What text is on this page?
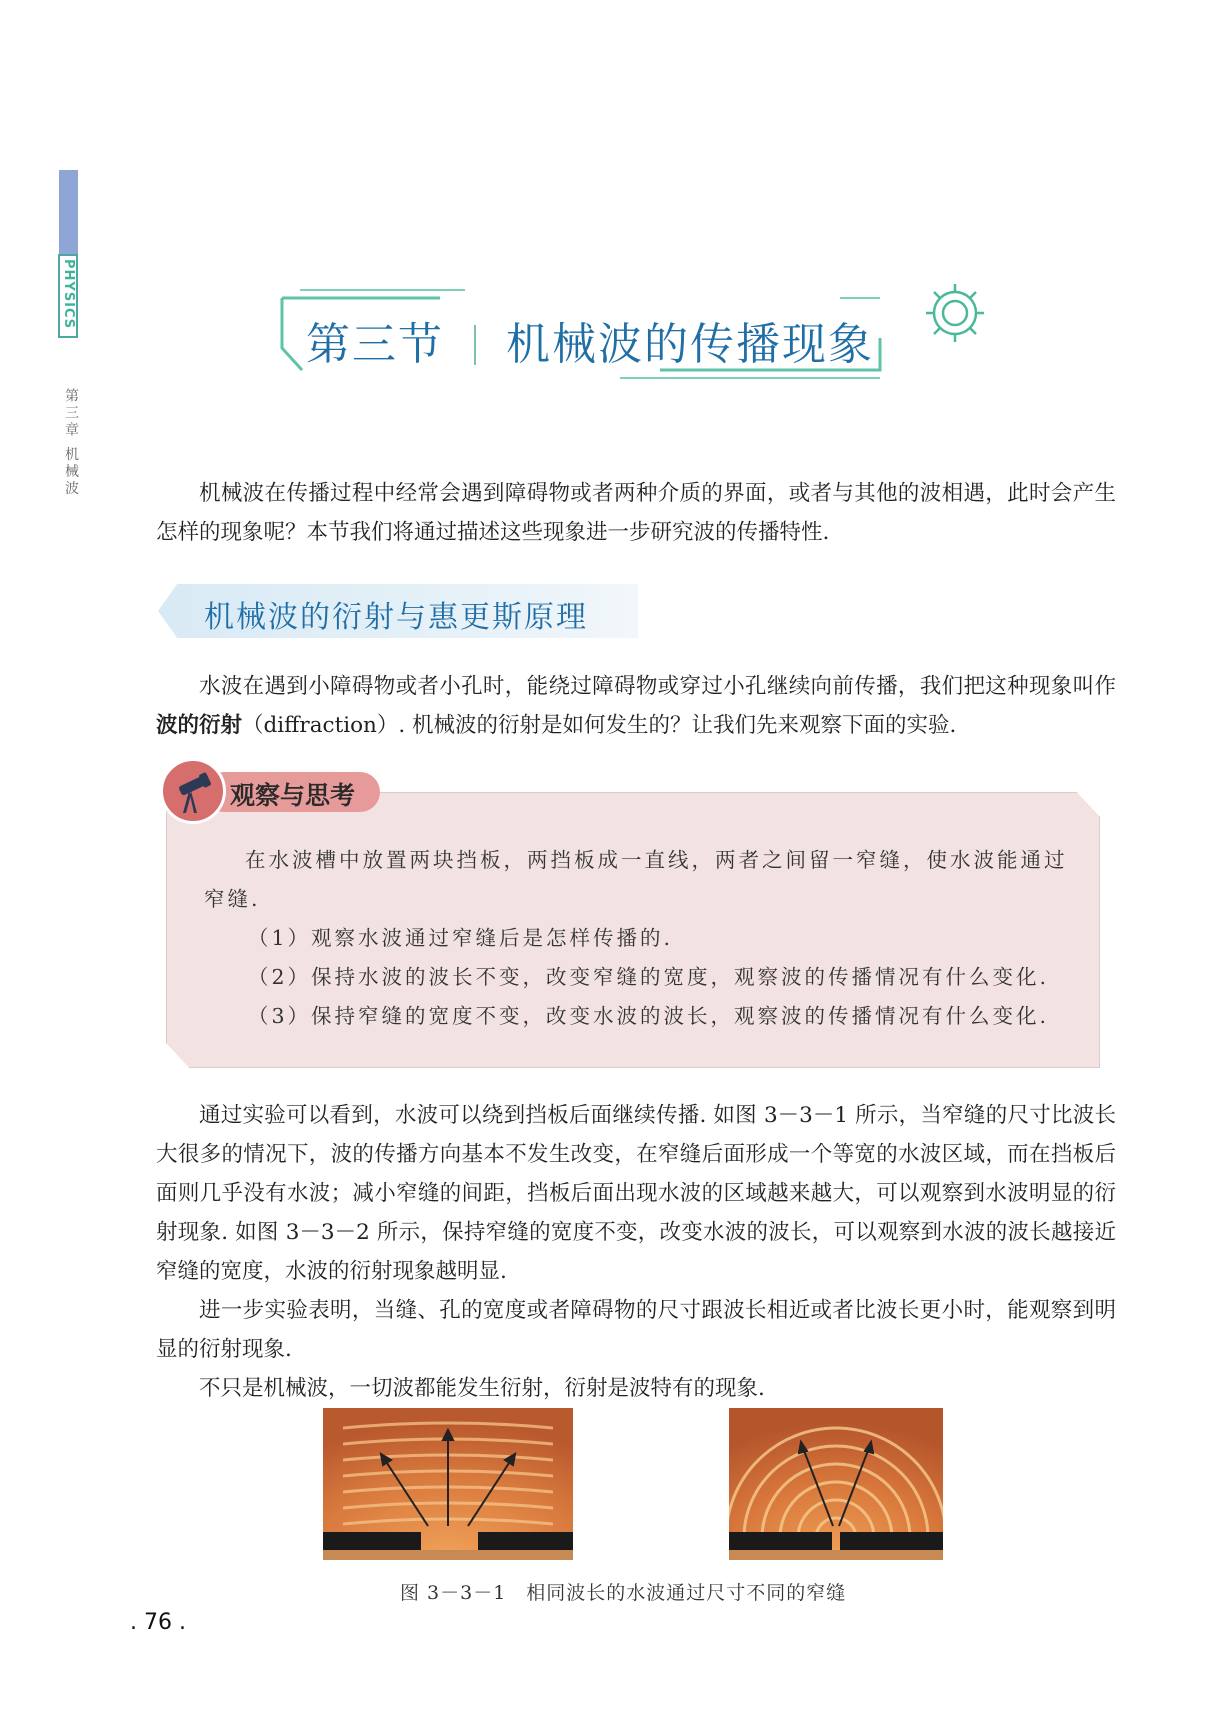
PHYSICS
第三章 机械波
第三节 机械波的传播现象

机械波在传播过程中经常会遇到障碍物或者两种介质的界面，或者与其他的波相遇，此时会产生怎样的现象呢？本节我们将通过描述这些现象进一步研究波的传播特性.

机械波的衍射与惠更斯原理

水波在遇到小障碍物或者小孔时，能绕过障碍物或穿过小孔继续向前传播，我们把这种现象叫作波的衍射（diffraction）. 机械波的衍射是如何发生的？让我们先来观察下面的实验.

观察与思考

在水波槽中放置两块挡板，两挡板成一直线，两者之间留一窄缝，使水波能通过窄缝.

（1）观察水波通过窄缝后是怎样传播的.

（2）保持水波的波长不变，改变窄缝的宽度，观察波的传播情况有什么变化.

（3）保持窄缝的宽度不变，改变水波的波长，观察波的传播情况有什么变化.

通过实验可以看到，水波可以绕到挡板后面继续传播. 如图 3－3－1 所示，当窄缝的尺寸比波长大很多的情况下，波的传播方向基本不发生改变，在窄缝后面形成一个等宽的水波区域，而在挡板后面则几乎没有水波；减小窄缝的间距，挡板后面出现水波的区域越来越大，可以观察到水波明显的衍射现象. 如图 3－3－2 所示，保持窄缝的宽度不变，改变水波的波长，可以观察到水波的波长越接近窄缝的宽度，水波的衍射现象越明显.

进一步实验表明，当缝、孔的宽度或者障碍物的尺寸跟波长相近或者比波长更小时，能观察到明显的衍射现象.

不只是机械波，一切波都能发生衍射，衍射是波特有的现象.

图 3－3－1　相同波长的水波通过尺寸不同的窄缝
. 76 .
